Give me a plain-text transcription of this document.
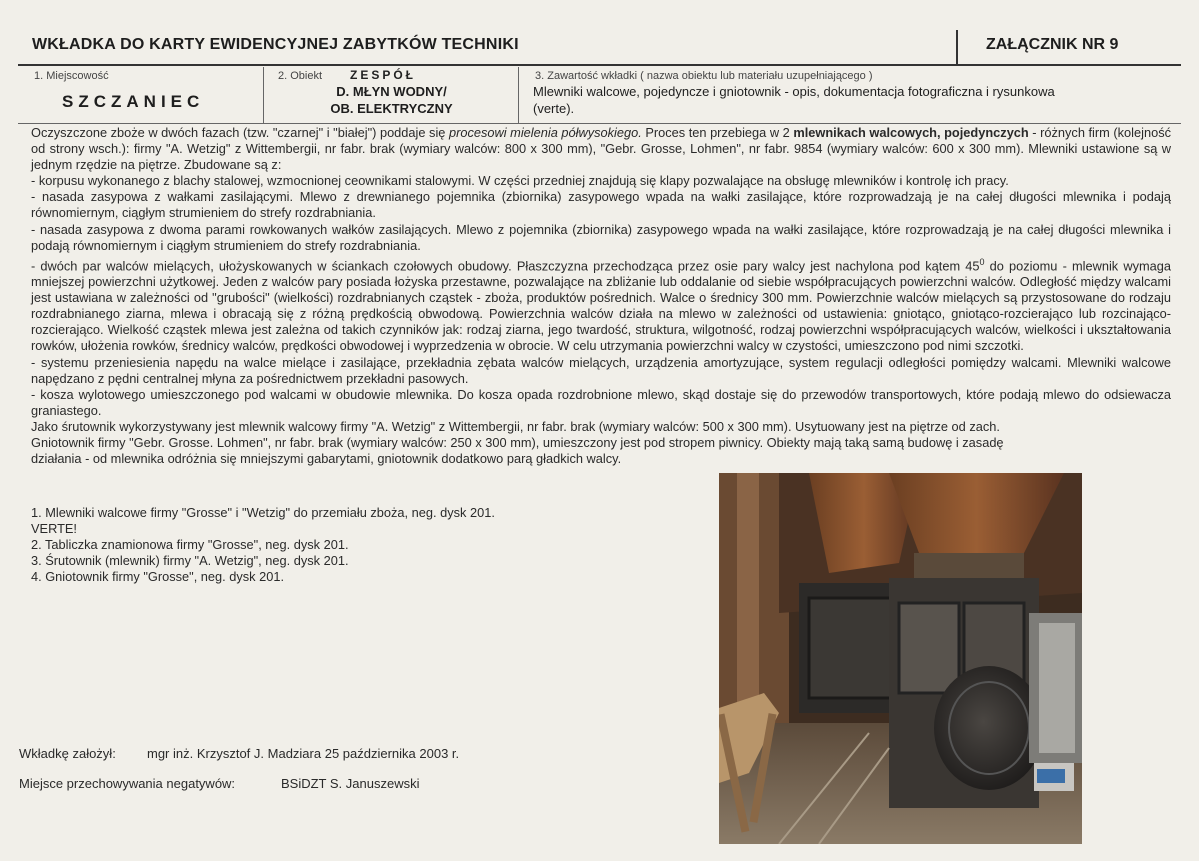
WKŁADKA DO KARTY EWIDENCYJNEJ ZABYTKÓW TECHNIKI	ZAŁĄCZNIK NR 9
1. Miejscowość
SZCZANIEC
2. Obiekt ZESPÓŁ
D. MŁYN WODNY/
OB. ELEKTRYCZNY
3. Zawartość wkładki ( nazwa obiektu lub materiału uzupełniającego )
Mlewniki walcowe, pojedyncze i gniotownik - opis, dokumentacja fotograficzna i rysunkowa (verte).

Oczyszczone zboże w dwóch fazach (tzw. "czarnej" i "białej") poddaje się procesowi mielenia półwysokiego. Proces ten przebiega w 2 mlewnikach walcowych, pojedynczych - różnych firm (kolejność od strony wsch.): firmy "A. Wetzig" z Wittembergii, nr fabr. brak (wymiary walców: 800 x 300 mm), "Gebr. Grosse, Lohmen", nr fabr. 9854 (wymiary walców: 600 x 300 mm). Mlewniki ustawione są w jednym rzędzie na piętrze. Zbudowane są z:

- korpusu wykonanego z blachy stalowej, wzmocnionej ceownikami stalowymi. W części przedniej znajdują się klapy pozwalające na obsługę mlewników i kontrolę ich pracy.

- nasada zasypowa z wałkami zasilającymi. Mlewo z drewnianego pojemnika (zbiornika) zasypowego wpada na wałki zasilające, które rozprowadzają je na całej długości mlewnika i podają równomiernym, ciągłym strumieniem do strefy rozdrabniania.

- nasada zasypowa z dwoma parami rowkowanych wałków zasilających. Mlewo z pojemnika (zbiornika) zasypowego wpada na wałki zasilające, które rozprowadzają je na całej długości mlewnika i podają równomiernym i ciągłym strumieniem do strefy rozdrabniania.

- dwóch par walców mielących, ułożyskowanych w ściankach czołowych obudowy. Płaszczyzna przechodząca przez osie pary walcy jest nachylona pod kątem $45^0$ do poziomu - mlewnik wymaga mniejszej powierzchni użytkowej. Jeden z walców pary posiada łożyska przestawne, pozwalające na zbliżanie lub oddalanie od siebie współpracujących powierzchni walców. Odległość między walcami jest ustawiana w zależności od "grubości" (wielkości) rozdrabnianych cząstek - zboża, produktów pośrednich. Walce o średnicy 300 mm. Powierzchnie walców mielących są przystosowane do rodzaju rozdrabnianego ziarna, mlewa i obracają się z różną prędkością obwodową. Powierzchnia walców działa na mlewo w zależności od ustawienia: gniotąco, gniotąco-rozcierająco lub rozcinająco-rozcierająco. Wielkość cząstek mlewa jest zależna od takich czynników jak: rodzaj ziarna, jego twardość, struktura, wilgotność, rodzaj powierzchni współpracujących walców, wielkości i ukształtowania rowków, ułożenia rowków, średnicy walców, prędkości obwodowej i wyprzedzenia w obrocie. W celu utrzymania powierzchni walcy w czystości, umieszczono pod nimi szczotki.

- systemu przeniesienia napędu na walce mielące i zasilające, przekładnia zębata walców mielących, urządzenia amortyzujące, system regulacji odległości pomiędzy walcami. Mlewniki walcowe napędzano z pędni centralnej młyna za pośrednictwem przekładni pasowych.

- kosza wylotowego umieszczonego pod walcami w obudowie mlewnika. Do kosza opada rozdrobnione mlewo, skąd dostaje się do przewodów transportowych, które podają mlewo do odsiewacza graniastego.

Jako śrutownik wykorzystywany jest mlewnik walcowy firmy "A. Wetzig" z Wittembergii, nr fabr. brak (wymiary walców: 500 x 300 mm). Usytuowany jest na piętrze od zach.

Gniotownik firmy "Gebr. Grosse. Lohmen", nr fabr. brak (wymiary walców: 250 x 300 mm), umieszczony jest pod stropem piwnicy. Obiekty mają taką samą budowę i zasadę

działania - od mlewnika odróżnia się mniejszymi gabarytami, gniotownik dodatkowo parą gładkich walcy.

1. Mlewniki walcowe firmy "Grosse" i "Wetzig" do przemiału zboża, neg. dysk 201.
VERTE!
2. Tabliczka znamionowa firmy "Grosse", neg. dysk 201.
3. Śrutownik (mlewnik) firmy "A. Wetzig", neg. dysk 201.
4. Gniotownik firmy "Grosse", neg. dysk 201.
Wkładkę założył: mgr inż. Krzysztof J. Madziara 25 października 2003 r.
Miejsce przechowywania negatywów:	BSiDZT S. Januszewski
